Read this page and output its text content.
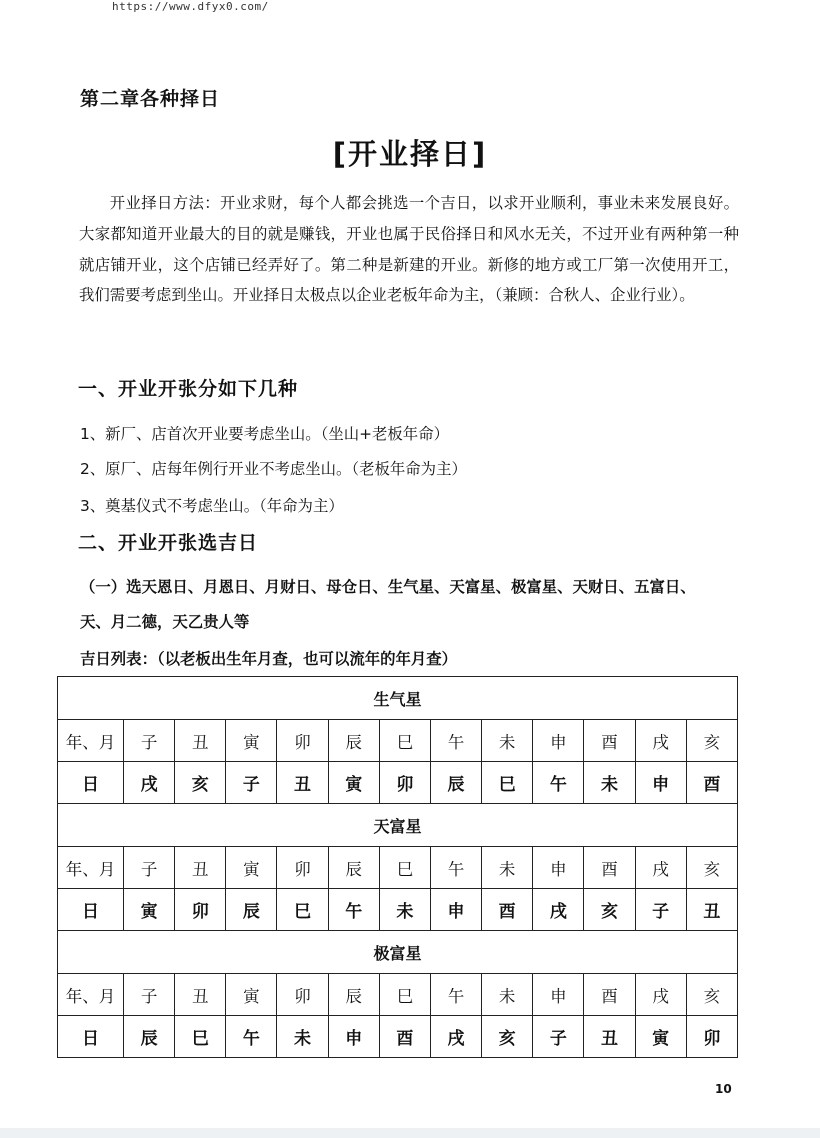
https://www.dfyx0.com/
第二章各种择日
[开业择日]

开业择日方法：开业求财，每个人都会挑选一个吉日，以求开业顺利，事业未来发展良好。大家都知道开业最大的目的就是赚钱，开业也属于民俗择日和风水无关，不过开业有两种第一种就店铺开业，这个店铺已经弄好了。第二种是新建的开业。新修的地方或工厂第一次使用开工，我们需要考虑到坐山。开业择日太极点以企业老板年命为主，（兼顾：合秋人、企业行业）。

一、开业开张分如下几种
1、新厂、店首次开业要考虑坐山。（坐山+老板年命）
2、原厂、店每年例行开业不考虑坐山。（老板年命为主）
3、奠基仪式不考虑坐山。（年命为主）
二、开业开张选吉日
（一）选天恩日、月恩日、月财日、母仓日、生气星、天富星、极富星、天财日、五富日、
天、月二德，天乙贵人等
吉日列表：（以老板出生年月查，也可以流年的年月查）
生气星												
年、月	子	丑	寅	卯	辰	巳	午	未	申	酉	戌	亥
日	戌	亥	子	丑	寅	卯	辰	巳	午	未	申	酉
天富星												
年、月	子	丑	寅	卯	辰	巳	午	未	申	酉	戌	亥
日	寅	卯	辰	巳	午	未	申	酉	戌	亥	子	丑
极富星												
年、月	子	丑	寅	卯	辰	巳	午	未	申	酉	戌	亥
日	辰	巳	午	未	申	酉	戌	亥	子	丑	寅	卯
10
